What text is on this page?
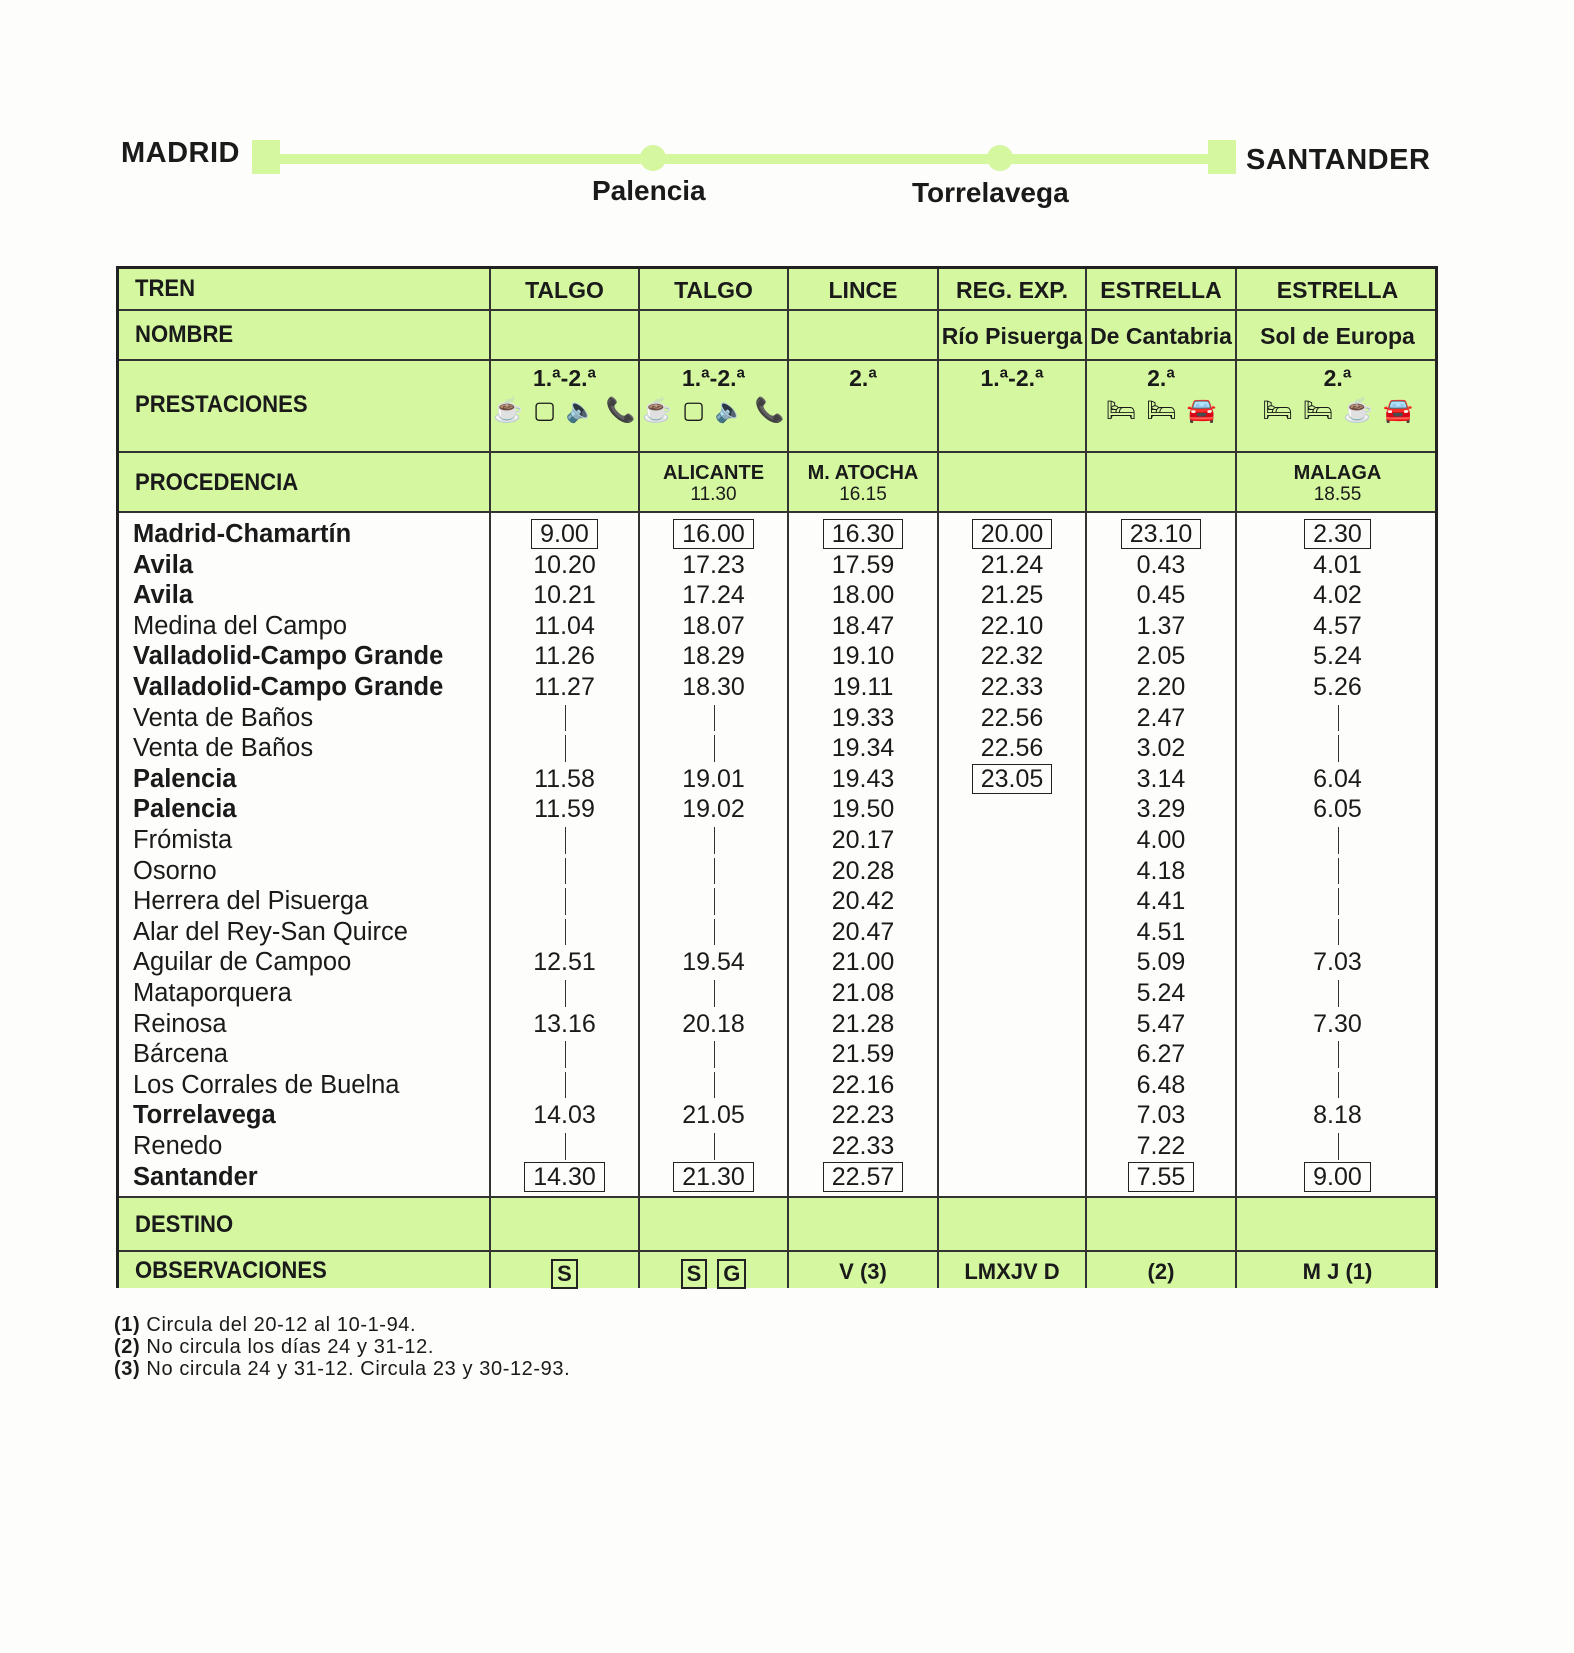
MADRID	SANTANDER
Palencia	Torrelavega
TREN
NOMBRE
PRESTACIONES
PROCEDENCIA
DESTINO
OBSERVACIONES
TALGO
1.ª-2.ª
☕ ▢ 🔈 📞
S
TALGO
1.ª-2.ª
☕ ▢ 🔈 📞
ALICANTE
11.30
S G
LINCE
2.ª
M. ATOCHA
16.15
V (3)
REG. EXP.
Río Pisuerga
1.ª-2.ª
LMXJV D
ESTRELLA
De Cantabria
2.ª
🛏 🛏 🚘
(2)
ESTRELLA
Sol de Europa
2.ª
🛏 🛏 ☕ 🚘
MALAGA
18.55
M J (1)
Madrid-Chamartín
Avila
Avila
Medina del Campo
Valladolid-Campo Grande
Valladolid-Campo Grande
Venta de Baños
Venta de Baños
Palencia
Palencia
Frómista
Osorno
Herrera del Pisuerga
Alar del Rey-San Quirce
Aguilar de Campoo
Mataporquera
Reinosa
Bárcena
Los Corrales de Buelna
Torrelavega
Renedo
Santander
9.00
10.20
10.21
11.04
11.26
11.27
11.58
11.59
12.51
13.16
14.03
14.30
16.00
17.23
17.24
18.07
18.29
18.30
19.01
19.02
19.54
20.18
21.05
21.30
16.30
17.59
18.00
18.47
19.10
19.11
19.33
19.34
19.43
19.50
20.17
20.28
20.42
20.47
21.00
21.08
21.28
21.59
22.16
22.23
22.33
22.57
20.00
21.24
21.25
22.10
22.32
22.33
22.56
22.56
23.05
23.10
0.43
0.45
1.37
2.05
2.20
2.47
3.02
3.14
3.29
4.00
4.18
4.41
4.51
5.09
5.24
5.47
6.27
6.48
7.03
7.22
7.55
2.30
4.01
4.02
4.57
5.24
5.26
6.04
6.05
7.03
7.30
8.18
9.00
(1) Circula del 20-12 al 10-1-94.
(2) No circula los días 24 y 31-12.
(3) No circula 24 y 31-12. Circula 23 y 30-12-93.
